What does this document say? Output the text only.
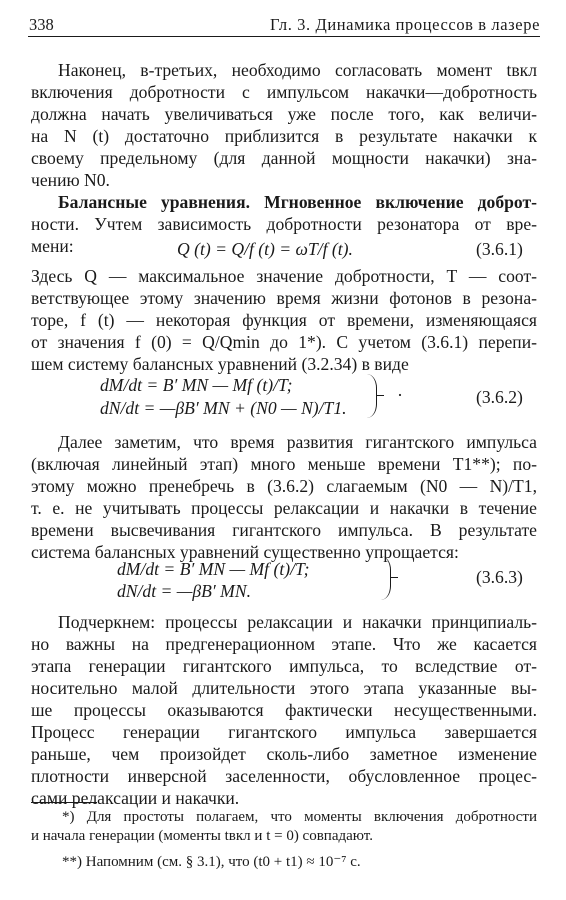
338	Гл. 3. Динамика процессов в лазере
Наконец, в-третьих, необходимо согласовать момент tвкл
включения добротности с импульсом накачки—добротность
должна начать увеличиваться уже после того, как величи-
на N (t) достаточно приблизится в результате накачки к
своему предельному (для данной мощности накачки) зна-
чению N0.
Балансные уравнения. Мгновенное включение доброт-
ности. Учтем зависимость добротности резонатора от вре-
мени:	Q (t) = Q/f (t) = ωT/f (t).	(3.6.1)
Здесь Q — максимальное значение добротности, T — соот-
ветствующее этому значению время жизни фотонов в резона-
торе, f (t) — некоторая функция от времени, изменяющаяся
от значения f (0) = Q/Qmin до 1*). С учетом (3.6.1) перепи-
шем систему балансных уравнений (3.2.34) в виде
dM/dt = B′ MN — Mf (t)/T;
dN/dt = —βB′ MN + (N0 — N)/T1.
·	(3.6.2)
Далее заметим, что время развития гигантского импульса
(включая линейный этап) много меньше времени T1**); по-
этому можно пренебречь в (3.6.2) слагаемым (N0 — N)/T1,
т. е. не учитывать процессы релаксации и накачки в течение
времени высвечивания гигантского импульса. В результате
система балансных уравнений существенно упрощается:
dM/dt = B′ MN — Mf (t)/T;
dN/dt = —βB′ MN.
(3.6.3)
Подчеркнем: процессы релаксации и накачки принципиаль-
но важны на предгенерационном этапе. Что же касается
этапа генерации гигантского импульса, то вследствие от-
носительно малой длительности этого этапа указанные вы-
ше процессы оказываются фактически несущественными.
Процесс генерации гигантского импульса завершается
раньше, чем произойдет сколь-либо заметное изменение
плотности инверсной заселенности, обусловленное процес-
сами релаксации и накачки.
*) Для простоты полагаем, что моменты включения добротности
и начала генерации (моменты tвкл и t = 0) совпадают.
**) Напомним (см. § 3.1), что (t0 + t1) ≈ 10⁻⁷ с.
